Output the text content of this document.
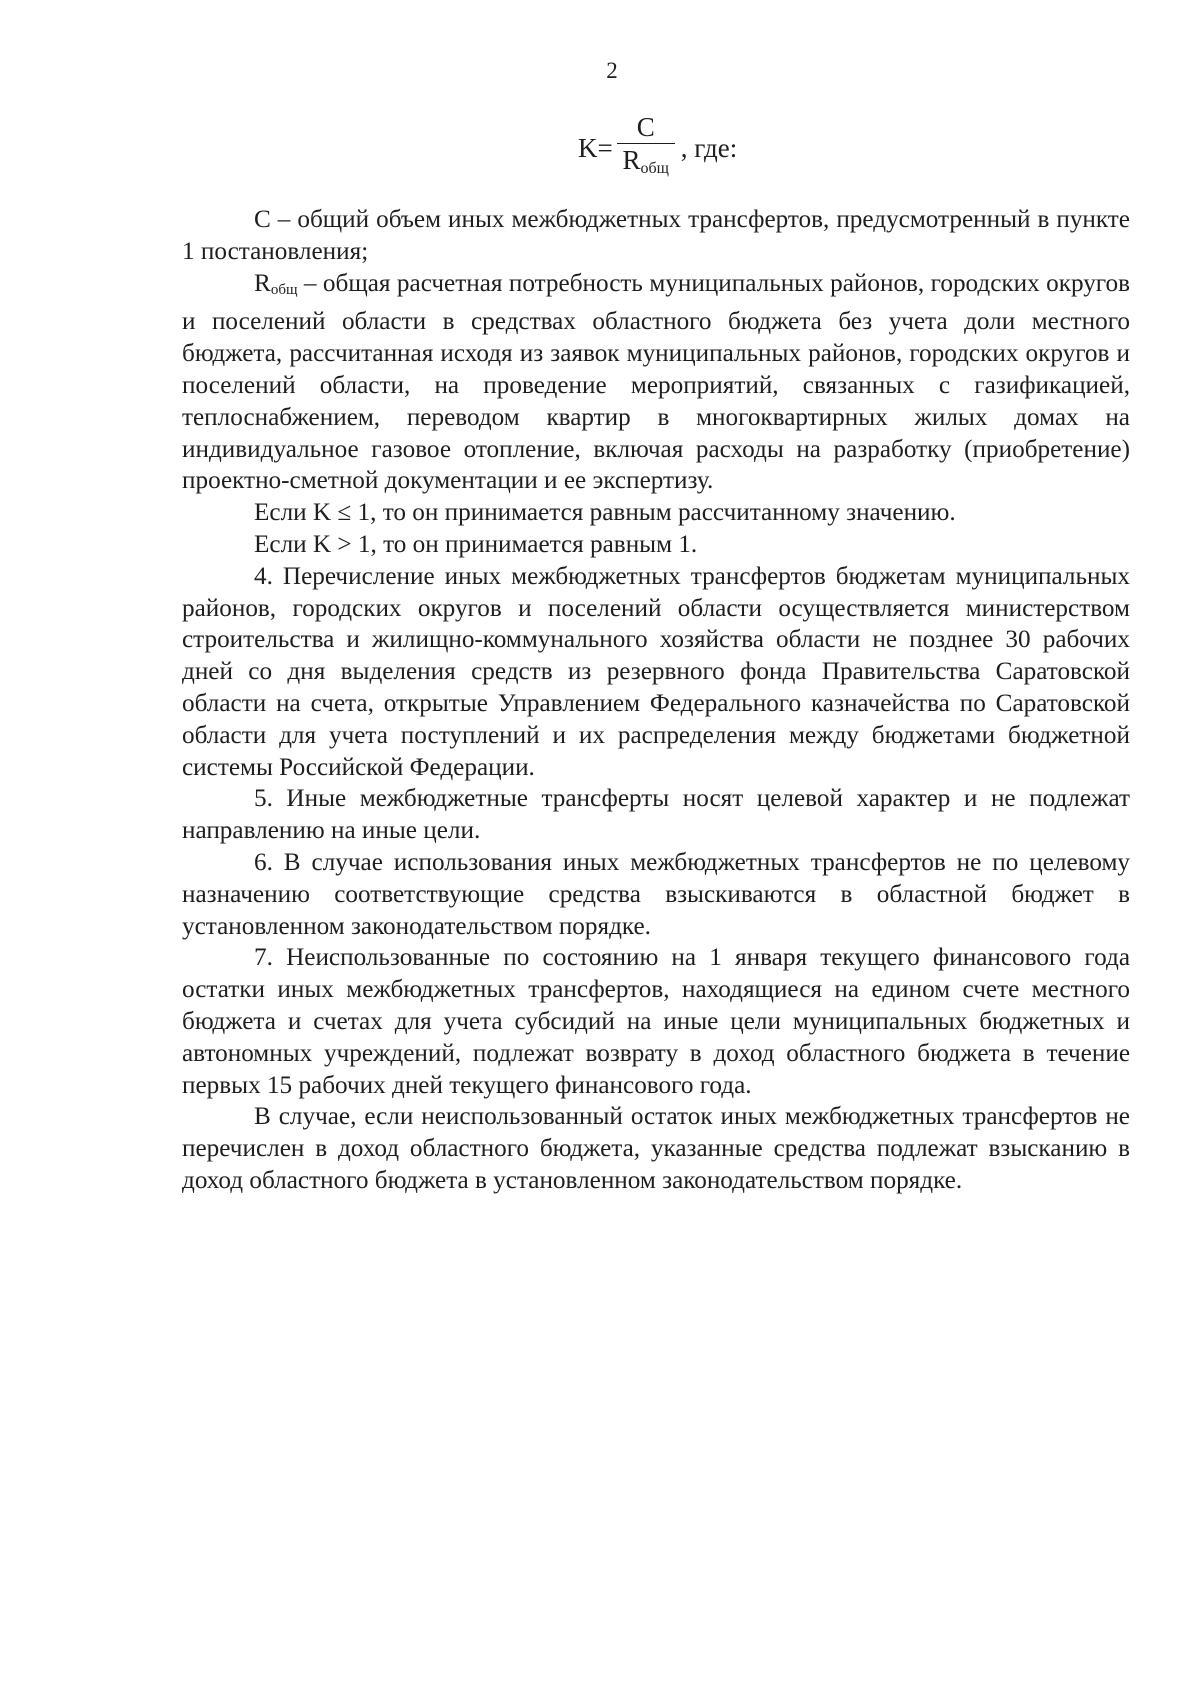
2
$K= \frac{C}{R_{общ}}$ , где:

С – общий объем иных межбюджетных трансфертов, предусмотренный в пункте 1 постановления;

$R_{общ}$ – общая расчетная потребность муниципальных районов, городских округов и поселений области в средствах областного бюджета без учета доли местного бюджета, рассчитанная исходя из заявок муниципальных районов, городских округов и поселений области, на проведение мероприятий, связанных с газификацией, теплоснабжением, переводом квартир в многоквартирных жилых домах на индивидуальное газовое отопление, включая расходы на разработку (приобретение) проектно-сметной документации и ее экспертизу.

Если K ≤ 1, то он принимается равным рассчитанному значению.

Если K > 1, то он принимается равным 1.

4. Перечисление иных межбюджетных трансфертов бюджетам муниципальных районов, городских округов и поселений области осуществляется министерством строительства и жилищно-коммунального хозяйства области не позднее 30 рабочих дней со дня выделения средств из резервного фонда Правительства Саратовской области на счета, открытые Управлением Федерального казначейства по Саратовской области для учета поступлений и их распределения между бюджетами бюджетной системы Российской Федерации.

5. Иные межбюджетные трансферты носят целевой характер и не подлежат направлению на иные цели.

6. В случае использования иных межбюджетных трансфертов не по целевому назначению соответствующие средства взыскиваются в областной бюджет в установленном законодательством порядке.

7. Неиспользованные по состоянию на 1 января текущего финансового года остатки иных межбюджетных трансфертов, находящиеся на едином счете местного бюджета и счетах для учета субсидий на иные цели муниципальных бюджетных и автономных учреждений, подлежат возврату в доход областного бюджета в течение первых 15 рабочих дней текущего финансового года.

В случае, если неиспользованный остаток иных межбюджетных трансфертов не перечислен в доход областного бюджета, указанные средства подлежат взысканию в доход областного бюджета в установленном законодательством порядке.
